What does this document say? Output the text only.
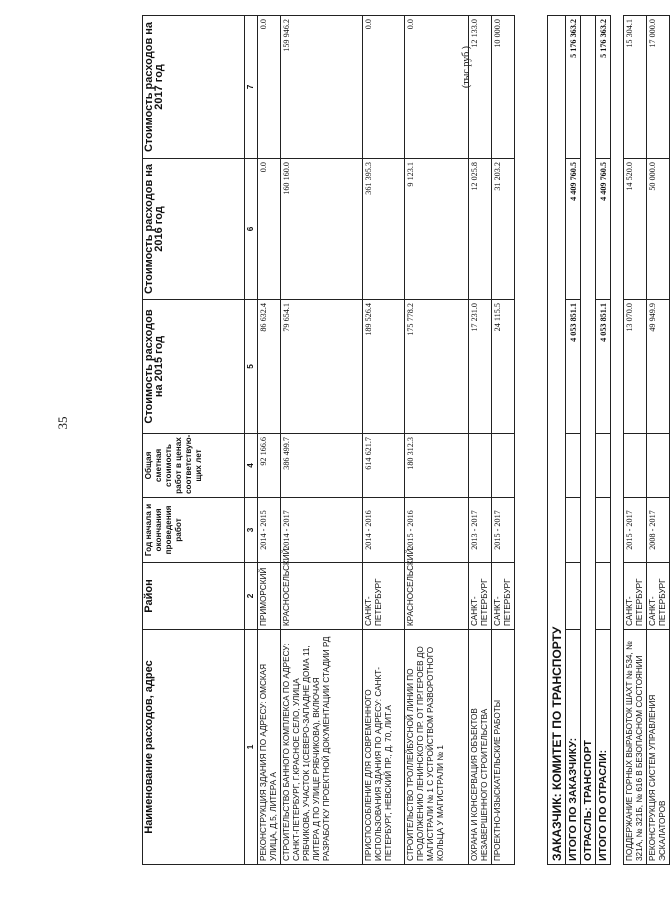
35
(тыс.руб.)
Наименование расходов, адрес	Район	Год начала и окончания проведения работ	Общая сметная стоимость работ в ценах соответствую-щих лет	Стоимость расходов на 2015 год	Стоимость расходов на 2016 год	Стоимость расходов на 2017 год
1	2	3	4	5	6	7
РЕКОНСТРУКЦИЯ ЗДАНИЯ ПО АДРЕСУ: ОМСКАЯ УЛИЦА, Д.5, ЛИТЕРА А	ПРИМОРСКИЙ	2014 - 2015	92 166.6	86 632.4	0.0	0.0
СТРОИТЕЛЬСТВО БАННОГО КОМПЛЕКСА ПО АДРЕСУ: САНКТ-ПЕТЕРБУРГ, Г.КРАСНОЕ СЕЛО, УЛИЦА РЯБЧИКОВА, УЧАСТОК 1(СЕВЕРО-ЗАПАДНЕ ДОМА 11, ЛИТЕРА Д ПО УЛИЦЕ РЯБЧИКОВА), ВКЛЮЧАЯ РАЗРАБОТКУ ПРОЕКТНОЙ ДОКУМЕНТАЦИИ СТАДИИ РД	КРАСНОСЕЛЬСКИЙ	2014 - 2017	386 499.7	79 654.1	160 160.0	159 946.2
ПРИСПОСОБЛЕНИЕ ДЛЯ СОВРЕМЕННОГО ИСПОЛЬЗОВАНИЯ ЗДАНИЯ ПО АДРЕСУ: САНКТ-ПЕТЕРБУРГ, НЕВСКИЙ ПР., Д. 70, ЛИТ.А	САНКТ-ПЕТЕРБУРГ	2014 - 2016	614 621.7	189 526.4	361 395.3	0.0
СТРОИТЕЛЬСТВО ТРОЛЛЕЙБУСНОЙ ЛИНИИ ПО ПРОДОЛЖЕНИЮ ЛЕНИНСКОГО ПР. ОТ ПР.ГЕРОЕВ ДО МАГИСТРАЛИ № 1 С УСТРОЙСТВОМ РАЗВОРОТНОГО КОЛЬЦА У МАГИСТРАЛИ № 1	КРАСНОСЕЛЬСКИЙ	2015 - 2016	180 312.3	175 778.2	9 123.1	0.0
ОХРАНА И КОНСЕРВАЦИЯ ОБЪЕКТОВ НЕЗАВЕРШЕННОГО СТРОИТЕЛЬСТВА	САНКТ-ПЕТЕРБУРГ	2013 - 2017		17 231.0	12 025.8	12 133.0
ПРОЕКТНО-ИЗЫСКАТЕЛЬСКИЕ РАБОТЫ	САНКТ-ПЕТЕРБУРГ	2015 - 2017		24 115.5	31 203.2	10 000.0

ЗАКАЗЧИК: КОМИТЕТ ПО ТРАНСПОРТУ						
ИТОГО ПО ЗАКАЗЧИКУ:				4 053 851.1	4 409 760.5	5 176 363.2
ОТРАСЛЬ: ТРАНСПОРТ						
ИТОГО ПО ОТРАСЛИ:				4 053 851.1	4 409 760.5	5 176 363.2

ПОДДЕРЖАНИЕ ГОРНЫХ ВЫРАБОТОК ШАХТ № 534, № 321А, № 321Б, № 616 В БЕЗОПАСНОМ СОСТОЯНИИ	САНКТ-ПЕТЕРБУРГ	2015 - 2017		13 070.0	14 520.0	15 304.1
РЕКОНСТРУКЦИЯ СИСТЕМ УПРАВЛЕНИЯ ЭСКАЛАТОРОВ	САНКТ-ПЕТЕРБУРГ	2008 - 2017		49 949.9	50 000.0	17 000.0
